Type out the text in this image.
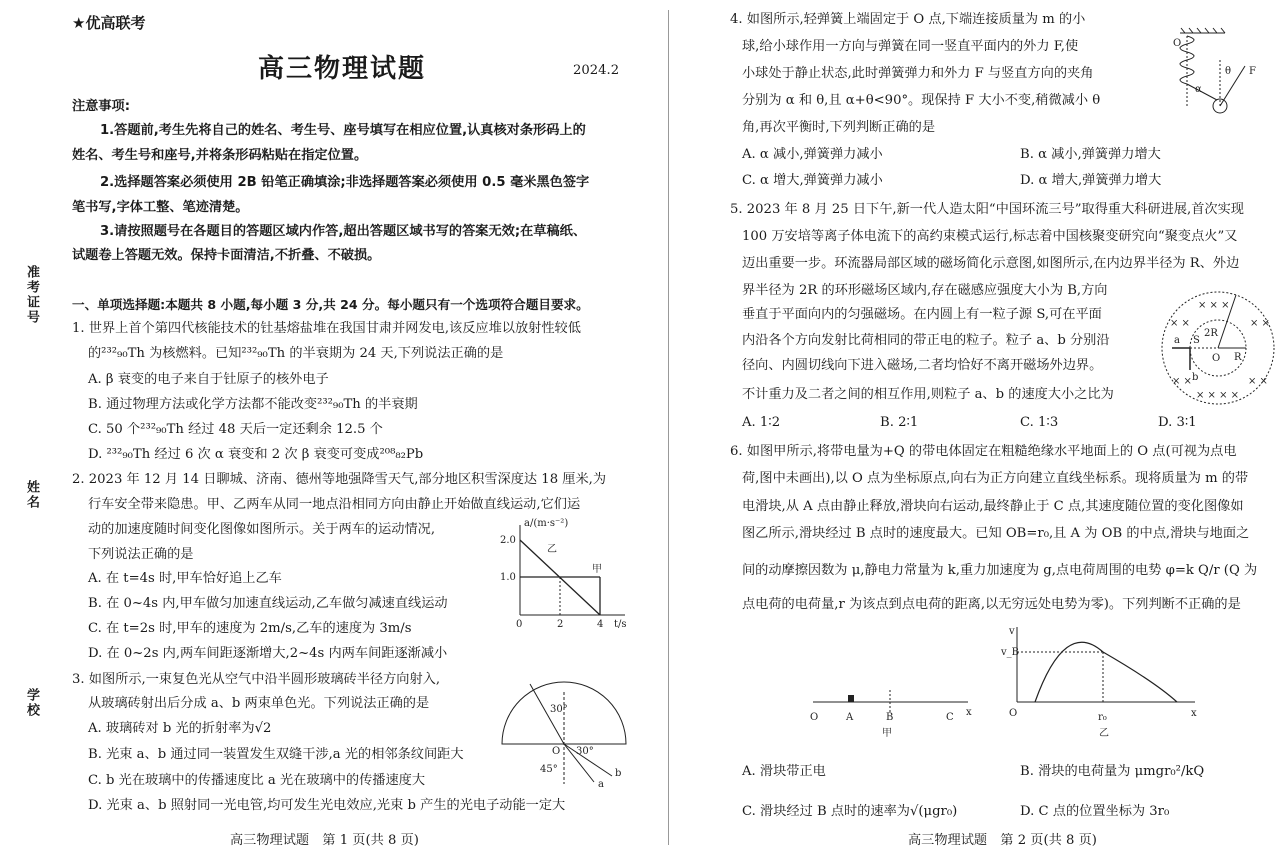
★优高联考
高三物理试题	2024.2
准考证号
姓名
学校
注意事项:
1.答题前,考生先将自己的姓名、考生号、座号填写在相应位置,认真核对条形码上的
姓名、考生号和座号,并将条形码粘贴在指定位置。
2.选择题答案必须使用 2B 铅笔正确填涂;非选择题答案必须使用 0.5 毫米黑色签字
笔书写,字体工整、笔迹清楚。
3.请按照题号在各题目的答题区域内作答,超出答题区域书写的答案无效;在草稿纸、
试题卷上答题无效。保持卡面清洁,不折叠、不破损。
一、单项选择题:本题共 8 小题,每小题 3 分,共 24 分。每小题只有一个选项符合题目要求。
1. 世界上首个第四代核能技术的钍基熔盐堆在我国甘肃并网发电,该反应堆以放射性较低
的²³²₉₀Th 为核燃料。已知²³²₉₀Th 的半衰期为 24 天,下列说法正确的是
A. β 衰变的电子来自于钍原子的核外电子
B. 通过物理方法或化学方法都不能改变²³²₉₀Th 的半衰期
C. 50 个²³²₉₀Th 经过 48 天后一定还剩余 12.5 个
D. ²³²₉₀Th 经过 6 次 α 衰变和 2 次 β 衰变可变成²⁰⁸₈₂Pb
2. 2023 年 12 月 14 日聊城、济南、德州等地强降雪天气,部分地区积雪深度达 18 厘米,为
行车安全带来隐患。甲、乙两车从同一地点沿相同方向由静止开始做直线运动,它们运
动的加速度随时间变化图像如图所示。关于两车的运动情况,
下列说法正确的是
A. 在 t=4s 时,甲车恰好追上乙车
B. 在 0~4s 内,甲车做匀加速直线运动,乙车做匀减速直线运动
C. 在 t=2s 时,甲车的速度为 2m/s,乙车的速度为 3m/s
D. 在 0~2s 内,两车间距逐渐增大,2~4s 内两车间距逐渐减小
a/(m·s⁻²)
2.0
1.0
0	2	4 t/s
乙
甲
3. 如图所示,一束复色光从空气中沿半圆形玻璃砖半径方向射入,
从玻璃砖射出后分成 a、b 两束单色光。下列说法正确的是
A. 玻璃砖对 b 光的折射率为√2
B. 光束 a、b 通过同一装置发生双缝干涉,a 光的相邻条纹间距大
C. b 光在玻璃中的传播速度比 a 光在玻璃中的传播速度大
D. 光束 a、b 照射同一光电管,均可发生光电效应,光束 b 产生的光电子动能一定大
30°
30°
45°
O
b
a
高三物理试题　第 1 页(共 8 页)
4. 如图所示,轻弹簧上端固定于 O 点,下端连接质量为 m 的小
球,给小球作用一方向与弹簧在同一竖直平面内的外力 F,使
小球处于静止状态,此时弹簧弹力和外力 F 与竖直方向的夹角
分别为 α 和 θ,且 α+θ<90°。现保持 F 大小不变,稍微减小 θ
角,再次平衡时,下列判断正确的是
A. α 减小,弹簧弹力减小	B. α 减小,弹簧弹力增大
C. α 增大,弹簧弹力减小	D. α 增大,弹簧弹力增大
O
θ F
α
5. 2023 年 8 月 25 日下午,新一代人造太阳“中国环流三号”取得重大科研进展,首次实现
100 万安培等离子体电流下的高约束模式运行,标志着中国核聚变研究向“聚变点火”又
迈出重要一步。环流器局部区域的磁场简化示意图,如图所示,在内边界半径为 R、外边
界半径为 2R 的环形磁场区域内,存在磁感应强度大小为 B,方向
垂直于平面向内的匀强磁场。在内圆上有一粒子源 S,可在平面
内沿各个方向发射比荷相同的带正电的粒子。粒子 a、b 分别沿
径向、内圆切线向下进入磁场,二者均恰好不离开磁场外边界。
不计重力及二者之间的相互作用,则粒子 a、b 的速度大小之比为
A. 1∶2	B. 2∶1	C. 1∶3	D. 3∶1
× ×	× ×
× ×	× ×
× × ×
× × × ×
2R
R
O
S
a
b
6. 如图甲所示,将带电量为+Q 的带电体固定在粗糙绝缘水平地面上的 O 点(可视为点电
荷,图中未画出),以 O 点为坐标原点,向右为正方向建立直线坐标系。现将质量为 m 的带
电滑块,从 A 点由静止释放,滑块向右运动,最终静止于 C 点,其速度随位置的变化图像如
图乙所示,滑块经过 B 点时的速度最大。已知 OB=r₀,且 A 为 OB 的中点,滑块与地面之
间的动摩擦因数为 μ,静电力常量为 k,重力加速度为 g,点电荷周围的电势 φ=k Q/r (Q 为
点电荷的电荷量,r 为该点到点电荷的距离,以无穷远处电势为零)。下列判断不正确的是
O	A	B	C x
甲
v
v_B
O	r₀	x
乙
A. 滑块带正电	B. 滑块的电荷量为 μmgr₀²/kQ
C. 滑块经过 B 点时的速率为√(μgr₀)	D. C 点的位置坐标为 3r₀
高三物理试题　第 2 页(共 8 页)
